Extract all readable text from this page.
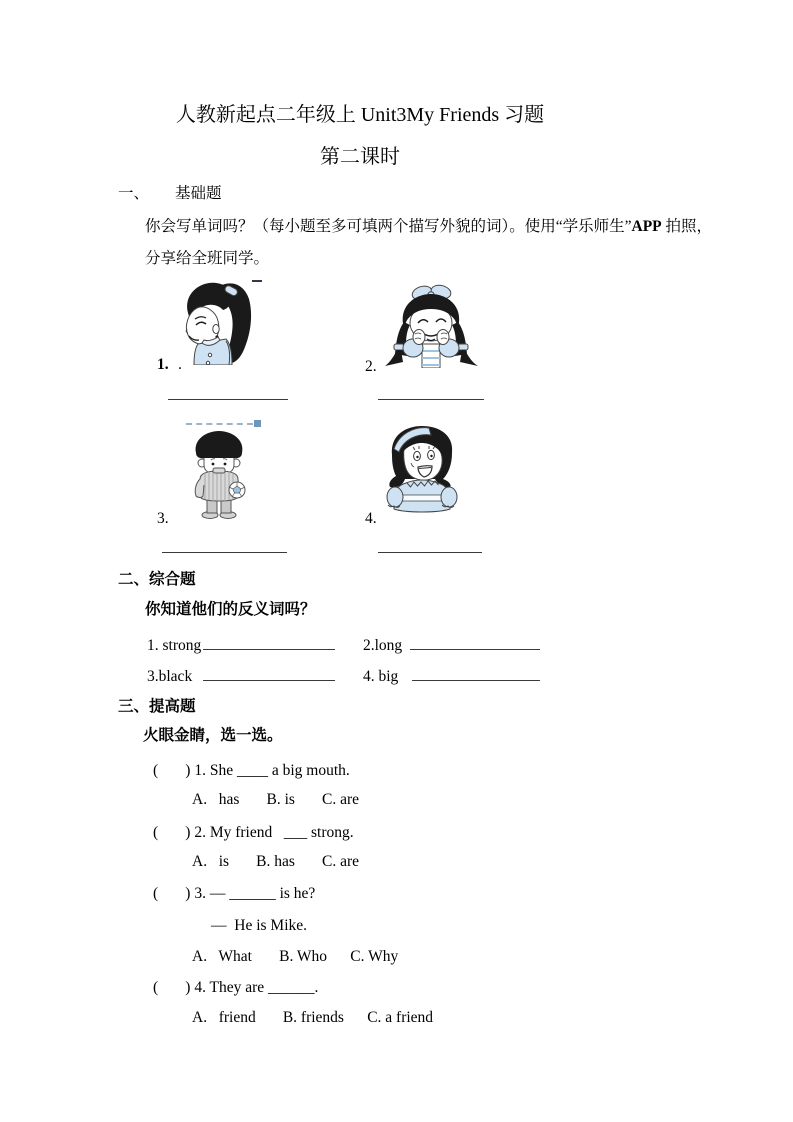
人教新起点二年级上 Unit3My Friends 习题
第二课时
一、 基础题
你会写单词吗？（每小题至多可填两个描写外貌的词）。使用“学乐师生”APP 拍照，
分享给全班同学。
1. .	2.
3.	4.
二、综合题
你知道他们的反义词吗？
1. strong	2.long
3.black	4. big
三、提高题
火眼金睛，选一选。
(       ) 1. She ____ a big mouth.
A.   has       B. is       C. are
(       ) 2. My friend   ___ strong.
A.   is       B. has       C. are
(       ) 3. — ______ is he?
—  He is Mike.
A.   What       B. Who      C. Why
(       ) 4. They are ______.
A.   friend       B. friends      C. a friend
